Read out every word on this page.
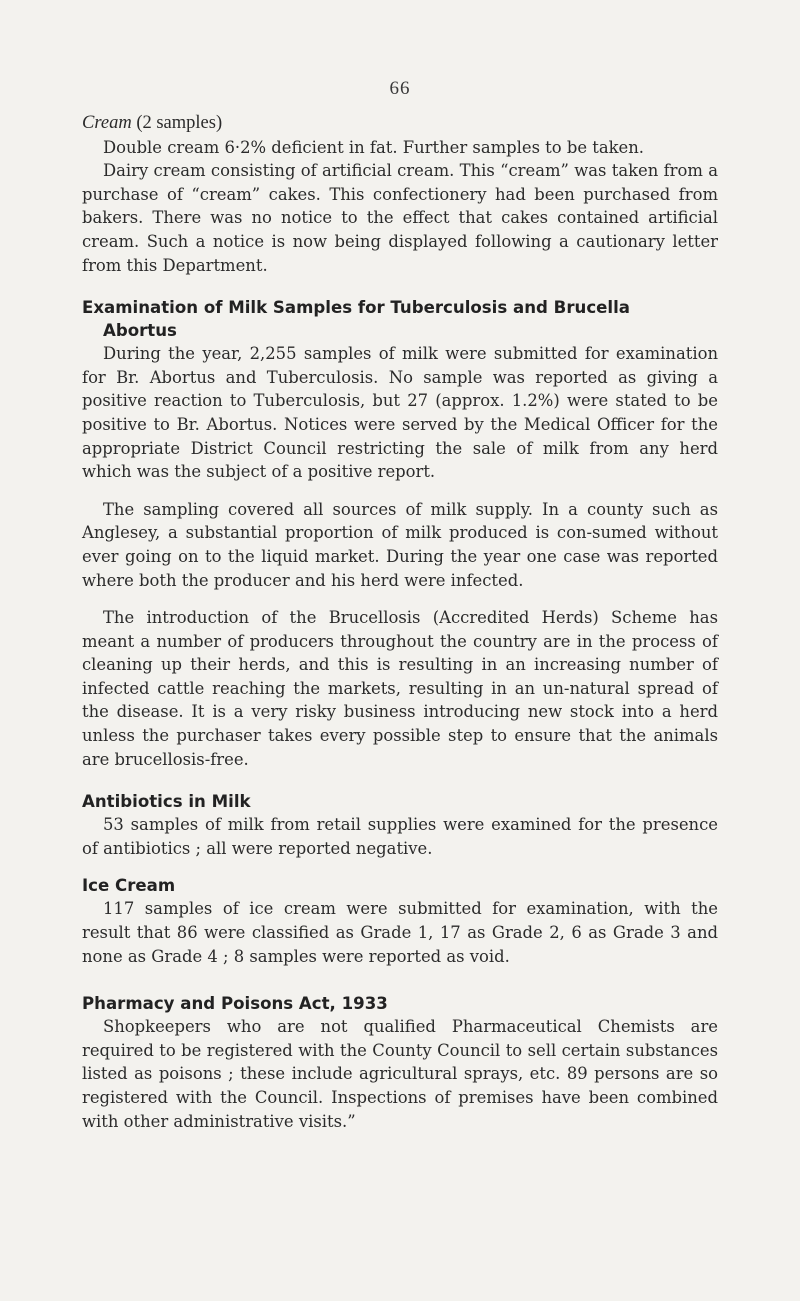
66

Cream (2 samples)

Double cream 6·2% deficient in fat. Further samples to be taken.

Dairy cream consisting of artificial cream. This “cream” was taken from a purchase of “cream” cakes. This confectionery had been purchased from bakers. There was no notice to the effect that cakes contained artificial cream. Such a notice is now being displayed following a cautionary letter from this Department.

Examination of Milk Samples for Tuberculosis and Brucella
Abortus

During the year, 2,255 samples of milk were submitted for examination for Br. Abortus and Tuberculosis. No sample was reported as giving a positive reaction to Tuberculosis, but 27 (approx. 1.2%) were stated to be positive to Br. Abortus. Notices were served by the Medical Officer for the appropriate District Council restricting the sale of milk from any herd which was the subject of a positive report.

The sampling covered all sources of milk supply. In a county such as Anglesey, a substantial proportion of milk produced is con-sumed without ever going on to the liquid market. During the year one case was reported where both the producer and his herd were infected.

The introduction of the Brucellosis (Accredited Herds) Scheme has meant a number of producers throughout the country are in the process of cleaning up their herds, and this is resulting in an increasing number of infected cattle reaching the markets, resulting in an un-natural spread of the disease. It is a very risky business introducing new stock into a herd unless the purchaser takes every possible step to ensure that the animals are brucellosis-free.

Antibiotics in Milk

53 samples of milk from retail supplies were examined for the presence of antibiotics ; all were reported negative.

Ice Cream

117 samples of ice cream were submitted for examination, with the result that 86 were classified as Grade 1, 17 as Grade 2, 6 as Grade 3 and none as Grade 4 ; 8 samples were reported as void.

Pharmacy and Poisons Act, 1933

Shopkeepers who are not qualified Pharmaceutical Chemists are required to be registered with the County Council to sell certain substances listed as poisons ; these include agricultural sprays, etc. 89 persons are so registered with the Council. Inspections of premises have been combined with other administrative visits.”
